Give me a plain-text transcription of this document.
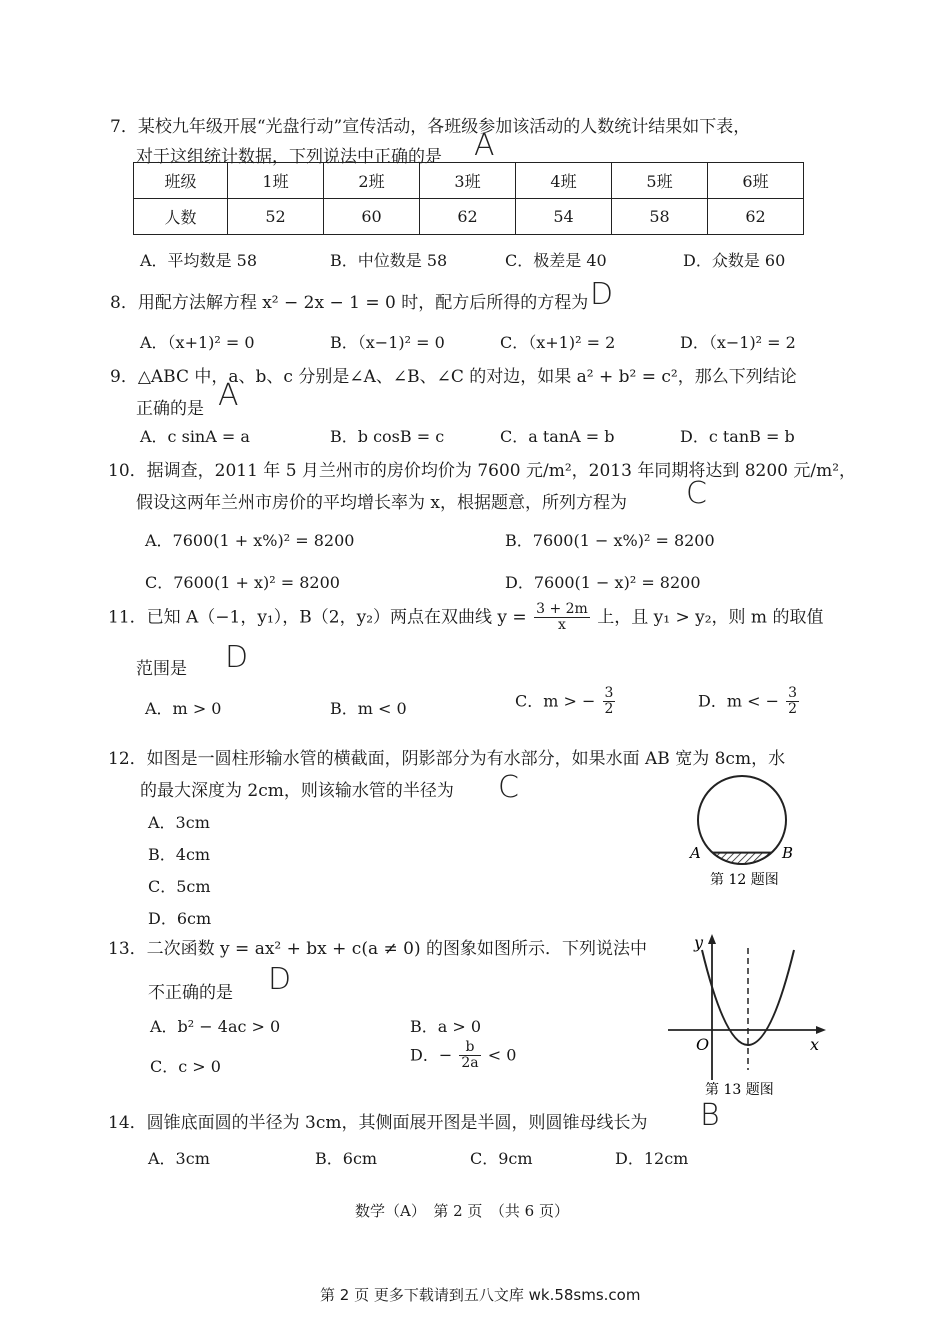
7．某校九年级开展“光盘行动”宣传活动，各班级参加该活动的人数统计结果如下表，
对于这组统计数据，下列说法中正确的是 A
班级	1班	2班	3班	4班	5班	6班
人数	52	60	62	54	58	62
A．平均数是 58	B．中位数是 58	C．极差是 40	D．众数是 60
8．用配方法解方程 x² − 2x − 1 = 0 时，配方后所得的方程为 D
A．（x+1)² = 0	B．（x−1)² = 0	C．（x+1)² = 2	D．（x−1)² = 2
9．△ABC 中，a、b、c 分别是∠A、∠B、∠C 的对边，如果 a² + b² = c²，那么下列结论
正确的是 A
A．c sinA = a	B．b cosB = c	C．a tanA = b	D．c tanB = b
10．据调查，2011 年 5 月兰州市的房价均价为 7600 元/m²，2013 年同期将达到 8200 元/m²，
假设这两年兰州市房价的平均增长率为 x，根据题意，所列方程为 C
A．7600(1 + x%)² = 8200	B．7600(1 − x%)² = 8200
C．7600(1 + x)² = 8200	D．7600(1 − x)² = 8200
11．已知 A（−1，y₁），B（2，y₂）两点在双曲线 $y = \frac{3 + 2m}{x}$ 上，且 y₁ > y₂，则 m 的取值
范围是 D
A．m > 0	B．m < 0	C．m > − $\frac{3}{2}$	D．m < − $\frac{3}{2}$
12．如图是一圆柱形输水管的横截面，阴影部分为有水部分，如果水面 AB 宽为 8cm，水
的最大深度为 2cm，则该输水管的半径为 C
A．3cm
B．4cm
C．5cm
D．6cm
A	B
第 12 题图
13．二次函数 y = ax² + bx + c(a ≠ 0) 的图象如图所示．下列说法中
不正确的是 D
A．b² − 4ac > 0	B．a > 0
C．c > 0
D．− $\frac{b}{2a} < 0$
y
x
O
第 13 题图
14．圆锥底面圆的半径为 3cm，其侧面展开图是半圆，则圆锥母线长为 B
A．3cm	B．6cm	C．9cm	D．12cm
数学（A）　第 2 页　（共 6 页）
第 2 页 更多下载请到五八文库 wk.58sms.com
